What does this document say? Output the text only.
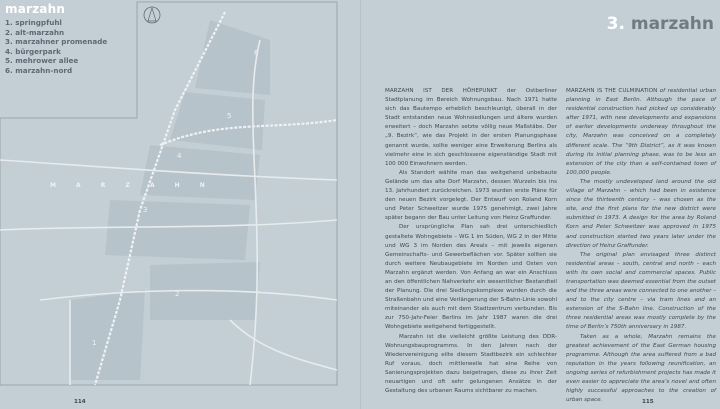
marzahn
1. springpfuhl
2. alt-marzahn
3. marzahner promenade
4. bürgerpark
5. mehrower allee
6. marzahn-nord
M A R Z A H N
1
2
3
4
5
6

MARZAHN IST DER HÖHEPUNKT der Ostberliner Stadtplanung im Bereich Wohnungsbau. Nach 1971 hatte sich das Bautempo erheblich beschleunigt, überall in der Stadt entstanden neue Wohnsiedlungen und ältere wurden erweitert – doch Marzahn setzte völlig neue Maßstäbe. Der „9. Bezirk“, wie das Projekt in der ersten Planungsphase genannt wurde, sollte weniger eine Erweiterung Berlins als vielmehr eine in sich geschlossene eigenständige Stadt mit 100 000 Einwohnern werden.

Als Standort wählte man das weitgehend unbebaute Gelände um das alte Dorf Marzahn, dessen Wurzeln bis ins 13. Jahrhundert zurückreichen. 1973 wurden erste Pläne für den neuen Bezirk vorgelegt. Der Entwurf von Roland Korn und Peter Schweitzer wurde 1975 genehmigt, zwei Jahre später begann der Bau unter Leitung von Heinz Graffunder.

Der ursprüngliche Plan sah drei unterschiedlich gestaltete Wohngebiete – WG 1 im Süden, WG 2 in der Mitte und WG 3 im Norden des Areals – mit jeweils eigenen Gemeinschafts- und Gewerbeflächen vor. Später sollten sie durch weitere Neubaugebiete im Norden und Osten von Marzahn ergänzt werden. Von Anfang an war ein Anschluss an den öffentlichen Nahverkehr ein wesentlicher Bestandteil der Planung. Die drei Siedlungskomplexe wurden durch die Straßenbahn und eine Verlängerung der S-Bahn-Linie sowohl miteinander als auch mit dem Stadtzentrum verbunden. Bis zur 750-Jahr-Feier Berlins im Jahr 1987 waren die drei Wohngebiete weitgehend fertiggestellt.

Marzahn ist die vielleicht größte Leistung des DDR-Wohnungsbauprogramms. In den Jahren nach der Wiedervereinigung eilte diesem Stadtbezirk ein schlechter Ruf voraus, doch mittlerweile hat eine Reihe von Sanierungsprojekten dazu beigetragen, diese zu ihrer Zeit neuartigen und oft sehr gelungenen Ansätze in der Gestaltung des urbanen Raums sichtbarer zu machen.

3. marzahn

MARZAHN IS THE CULMINATION of residential urban planning in East Berlin. Although the pace of residential construction had picked up considerably after 1971, with new developments and expansions of earlier developments underway throughout the city, Marzahn was conceived on a completely different scale. The “9th District”, as it was known during its initial planning phase, was to be less an extension of the city than a self-contained town of 100,000 people.

The mostly undeveloped land around the old village of Marzahn – which had been in existence since the thirteenth century – was chosen as the site, and the first plans for the new district were submitted in 1973. A design for the area by Roland Korn and Peter Schweitzer was approved in 1975 and construction started two years later under the direction of Heinz Graffunder.

The original plan envisaged three distinct residential areas – south, central and north – each with its own social and commercial spaces. Public transportation was deemed essential from the outset and the three areas were connected to one another – and to the city centre – via tram lines and an extension of the S-Bahn line. Construction of the three residential areas was mostly complete by the time of Berlin’s 750th anniversary in 1987.

Taken as a whole, Marzahn remains the greatest achievement of the East German housing programme. Although the area suffered from a bad reputation in the years following reunification, an ongoing series of refurbishment projects has made it even easier to appreciate the area’s novel and often highly successful approaches to the creation of urban space.

114	115
